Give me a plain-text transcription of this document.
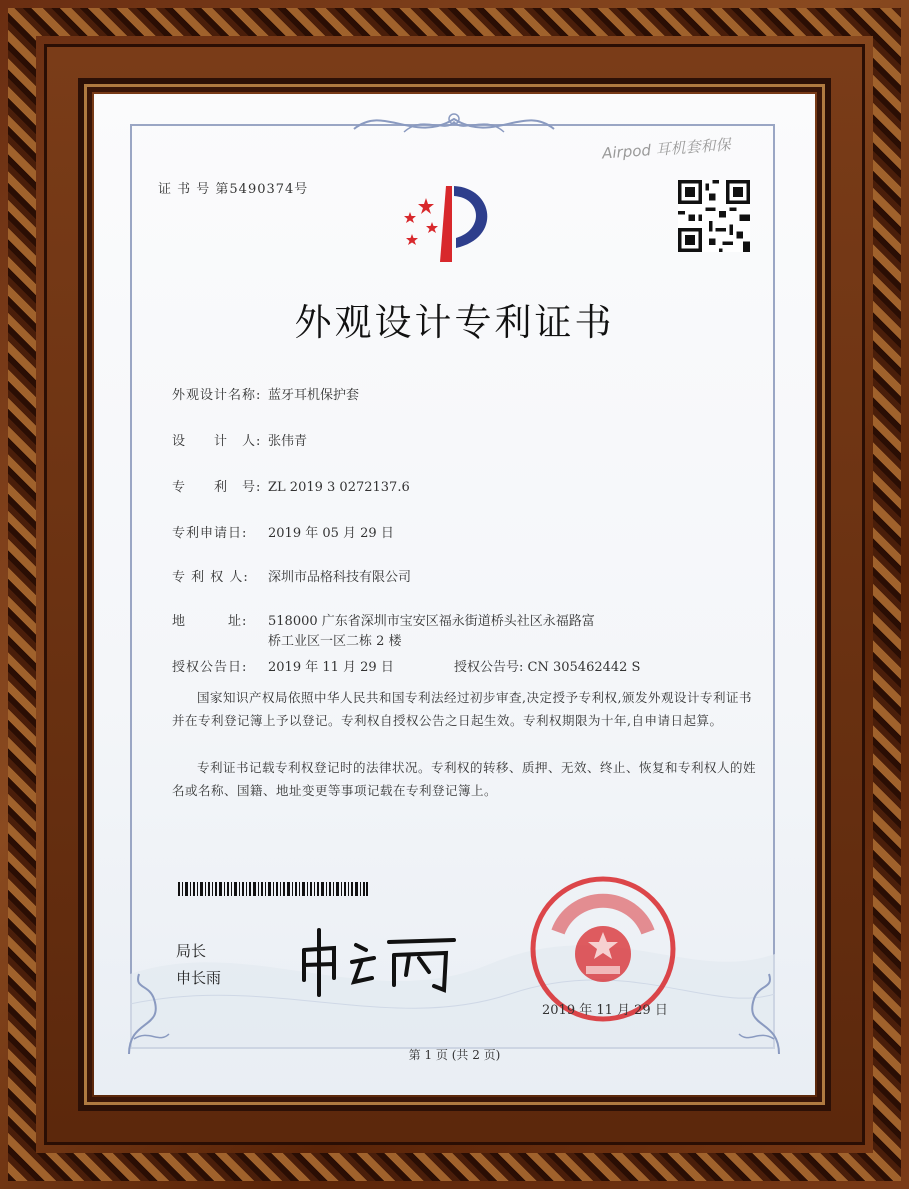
证 书 号 第5490374号
Airpod 耳机套和保
外观设计专利证书
外观设计名称: 蓝牙耳机保护套
设　　计　人: 张伟青
专　　利　号: ZL 2019 3 0272137.6
专利申请日: 2019 年 05 月 29 日
专 利 权 人: 深圳市品格科技有限公司
地　　　址: 518000 广东省深圳市宝安区福永街道桥头社区永福路富
桥工业区一区二栋 2 楼
授权公告日: 2019 年 11 月 29 日	授权公告号: CN 305462442 S
国家知识产权局依照中华人民共和国专利法经过初步审查,决定授予专利权,颁发外观设计专利证书并在专利登记簿上予以登记。专利权自授权公告之日起生效。专利权期限为十年,自申请日起算。
专利证书记载专利权登记时的法律状况。专利权的转移、质押、无效、终止、恢复和专利权人的姓名或名称、国籍、地址变更等事项记载在专利登记簿上。
局长
申长雨
2019 年 11 月 29 日
第 1 页 (共 2 页)
